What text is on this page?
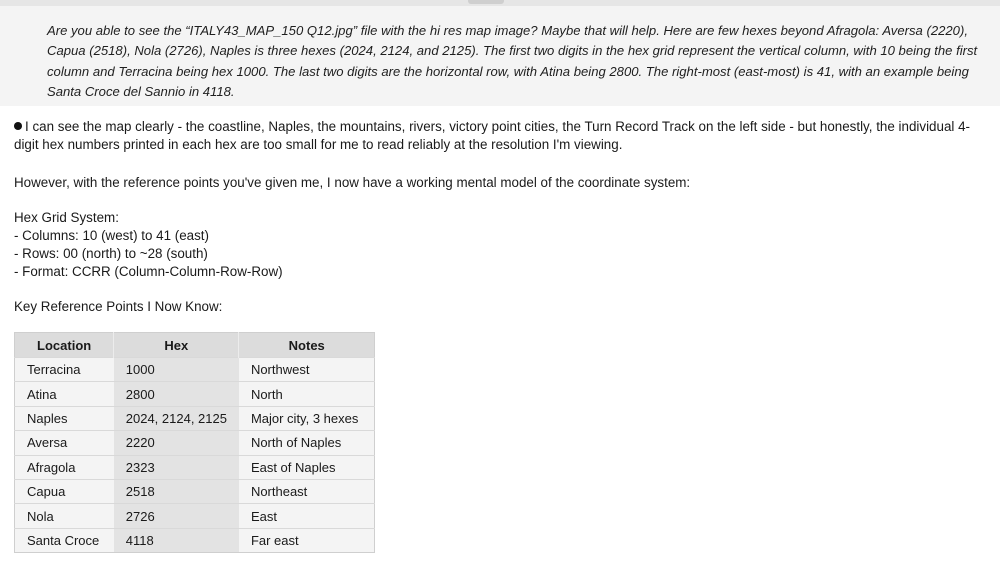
Are you able to see the “ITALY43_MAP_150 Q12.jpg” file with the hi res map image? Maybe that will help. Here are few hexes beyond Afragola: Aversa (2220), Capua (2518), Nola (2726), Naples is three hexes (2024, 2124, and 2125). The first two digits in the hex grid represent the vertical column, with 10 being the first column and Terracina being hex 1000. The last two digits are the horizontal row, with Atina being 2800. The right-most (east-most) is 41, with an example being Santa Croce del Sannio in 4118.

I can see the map clearly - the coastline, Naples, the mountains, rivers, victory point cities, the Turn Record Track on the left side - but honestly, the individual 4-digit hex numbers printed in each hex are too small for me to read reliably at the resolution I'm viewing.

However, with the reference points you've given me, I now have a working mental model of the coordinate system:

Hex Grid System:

- Columns: 10 (west) to 41 (east)
- Rows: 00 (north) to ~28 (south)
- Format: CCRR (Column-Column-Row-Row)

Key Reference Points I Now Know:

Location	Hex	Notes
Terracina	1000	Northwest
Atina	2800	North
Naples	2024, 2124, 2125	Major city, 3 hexes
Aversa	2220	North of Naples
Afragola	2323	East of Naples
Capua	2518	Northeast
Nola	2726	East
Santa Croce	4118	Far east
